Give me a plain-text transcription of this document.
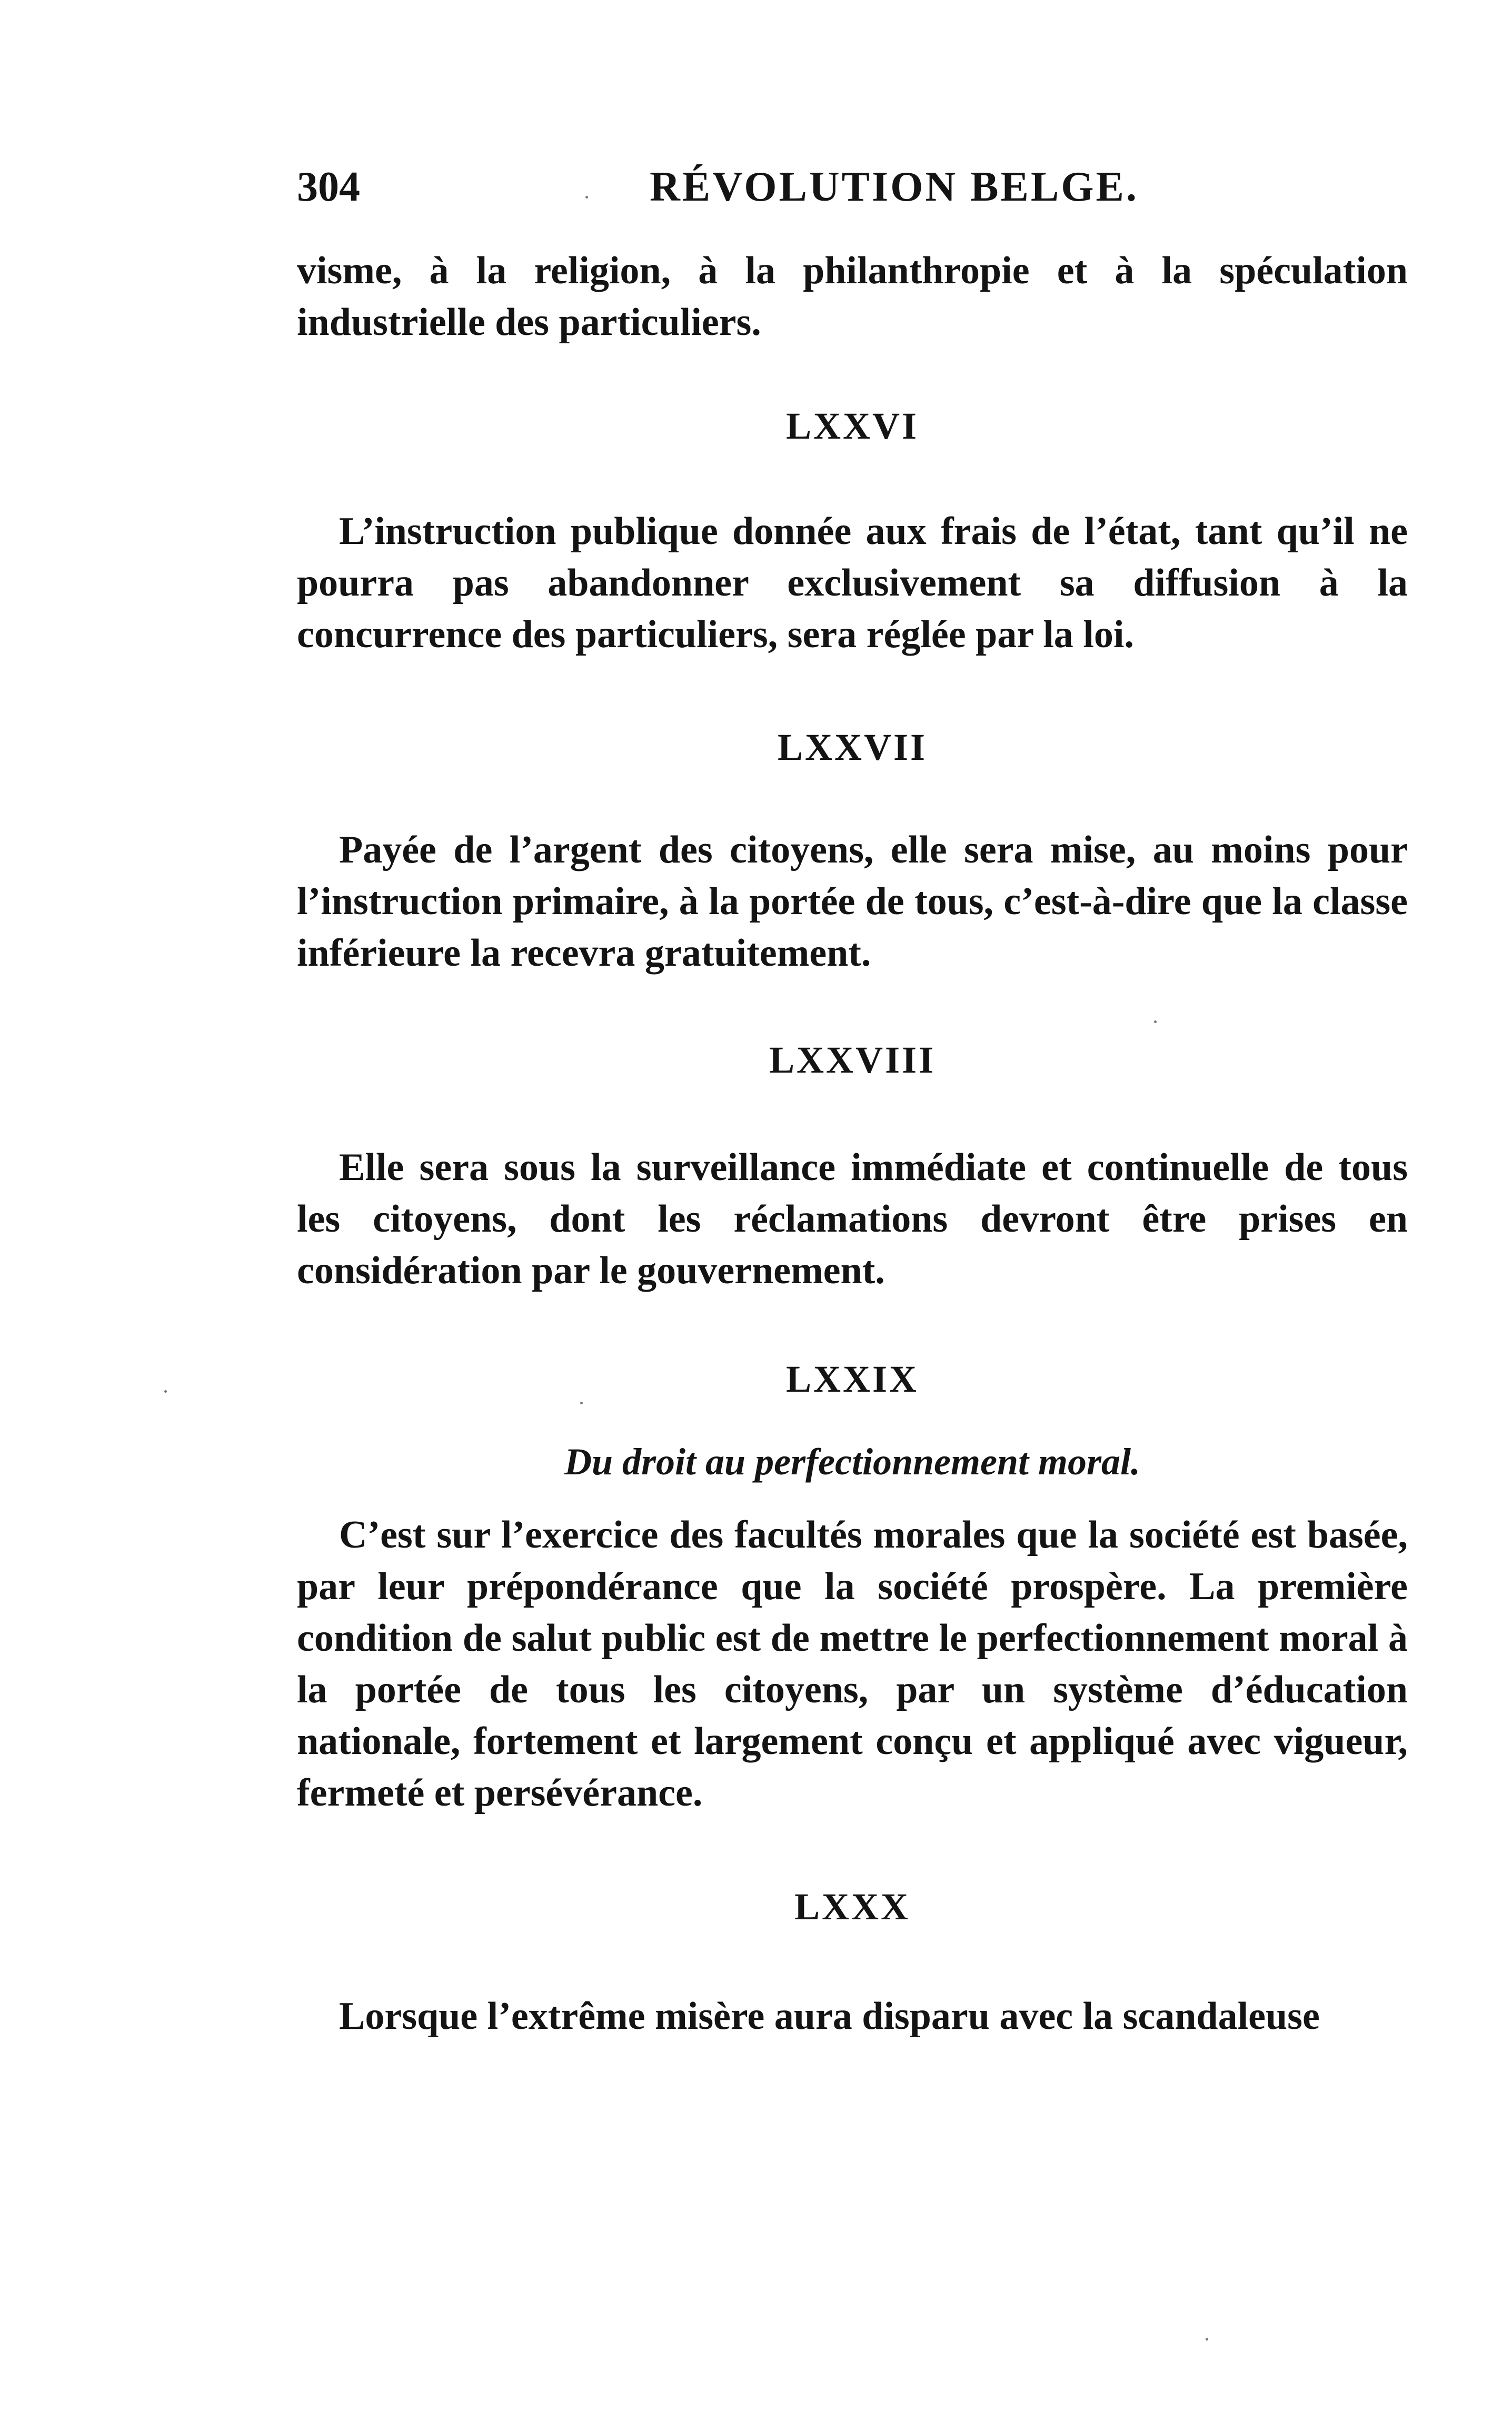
304	RÉVOLUTION BELGE.
visme, à la religion, à la philanthropie et à la spéculation industrielle des particuliers.
LXXVI
L’instruction publique donnée aux frais de l’état, tant qu’il ne pourra pas abandonner exclusivement sa diffusion à la concurrence des particuliers, sera réglée par la loi.
LXXVII
Payée de l’argent des citoyens, elle sera mise, au moins pour l’instruction primaire, à la portée de tous, c’est-à-dire que la classe inférieure la recevra gratuitement.
LXXVIII
Elle sera sous la surveillance immédiate et continuelle de tous les citoyens, dont les réclamations devront être prises en considération par le gouvernement.
LXXIX
Du droit au perfectionnement moral.
C’est sur l’exercice des facultés morales que la société est basée, par leur prépondérance que la société prospère. La première condition de salut public est de mettre le perfectionnement moral à la portée de tous les citoyens, par un système d’éducation nationale, fortement et largement conçu et appliqué avec vigueur, fermeté et persévérance.
LXXX
Lorsque l’extrême misère aura disparu avec la scandaleuse
